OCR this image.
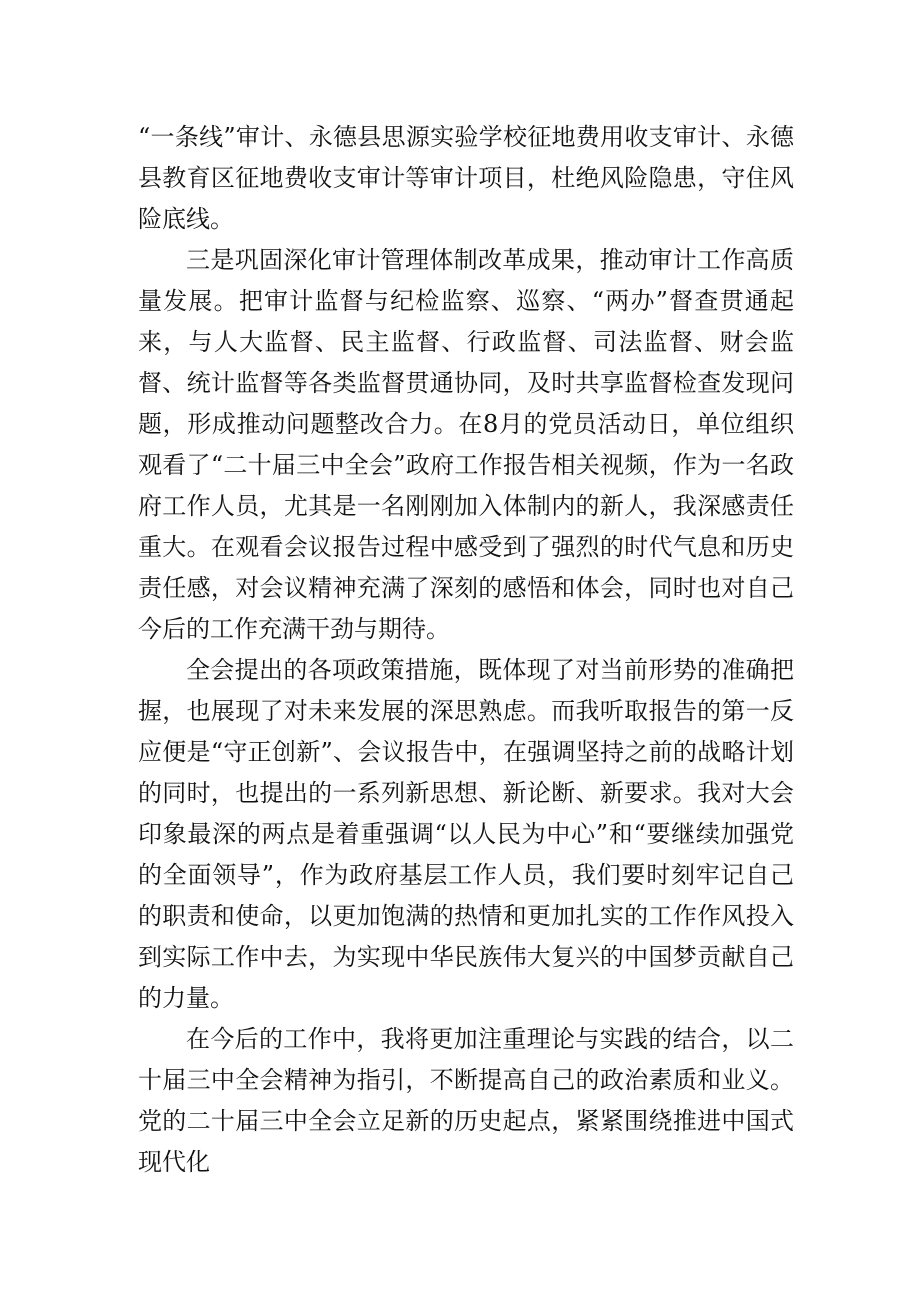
“一条线”审计、永德县思源实验学校征地费用收支审计、永德县教育区征地费收支审计等审计项目，杜绝风险隐患，守住风险底线。

三是巩固深化审计管理体制改革成果，推动审计工作高质量发展。把审计监督与纪检监察、巡察、“两办”督查贯通起来，与人大监督、民主监督、行政监督、司法监督、财会监督、统计监督等各类监督贯通协同，及时共享监督检查发现问题，形成推动问题整改合力。在8月的党员活动日，单位组织观看了“二十届三中全会”政府工作报告相关视频，作为一名政府工作人员，尤其是一名刚刚加入体制内的新人，我深感责任重大。在观看会议报告过程中感受到了强烈的时代气息和历史责任感，对会议精神充满了深刻的感悟和体会，同时也对自己今后的工作充满干劲与期待。

全会提出的各项政策措施，既体现了对当前形势的准确把握，也展现了对未来发展的深思熟虑。而我听取报告的第一反应便是“守正创新”、会议报告中，在强调坚持之前的战略计划的同时，也提出的一系列新思想、新论断、新要求。我对大会印象最深的两点是着重强调“以人民为中心”和“要继续加强党的全面领导”，作为政府基层工作人员，我们要时刻牢记自己的职责和使命，以更加饱满的热情和更加扎实的工作作风投入到实际工作中去，为实现中华民族伟大复兴的中国梦贡献自己的力量。

在今后的工作中，我将更加注重理论与实践的结合，以二十届三中全会精神为指引，不断提高自己的政治素质和业义。党的二十届三中全会立足新的历史起点，紧紧围绕推进中国式现代化
